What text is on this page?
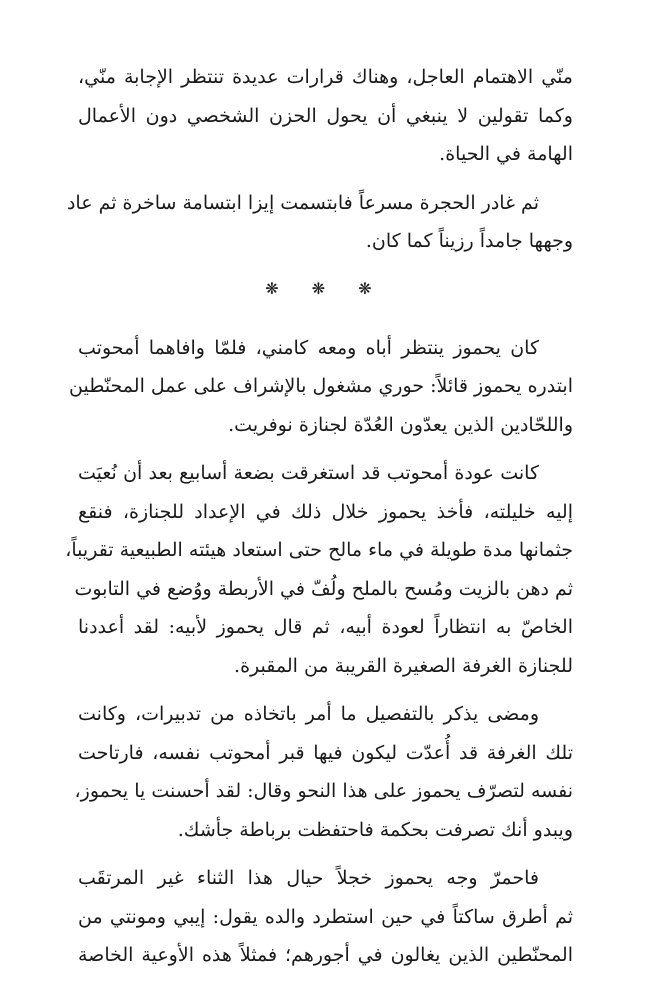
منّي الاهتمام العاجل، وهناك قرارات عديدة تنتظر الإجابة منّي،
وكما تقولين لا ينبغي أن يحول الحزن الشخصي دون الأعمال
الهامة في الحياة.
ثم غادر الحجرة مسرعاً فابتسمت إيزا ابتسامة ساخرة ثم عاد
وجهها جامداً رزيناً كما كان.
❋ ❋ ❋
كان يحموز ينتظر أباه ومعه كامني، فلمّا وافاهما أمحوتب
ابتدره يحموز قائلاً: حوري مشغول بالإشراف على عمل المحنّطين
واللحّادين الذين يعدّون العُدّة لجنازة نوفريت.
كانت عودة أمحوتب قد استغرقت بضعة أسابيع بعد أن نُعيَت
إليه خليلته، فأخذ يحموز خلال ذلك في الإعداد للجنازة، فنقع
جثمانها مدة طويلة في ماء مالح حتى استعاد هيئته الطبيعية تقريباً،
ثم دهن بالزيت ومُسح بالملح ولُفّ في الأربطة ووُضع في التابوت
الخاصّ به انتظاراً لعودة أبيه، ثم قال يحموز لأبيه: لقد أعددنا
للجنازة الغرفة الصغيرة القريبة من المقبرة.
ومضى يذكر بالتفصيل ما أمر باتخاذه من تدبيرات، وكانت
تلك الغرفة قد أُعدّت ليكون فيها قبر أمحوتب نفسه، فارتاحت
نفسه لتصرّف يحموز على هذا النحو وقال: لقد أحسنت يا يحموز،
ويبدو أنك تصرفت بحكمة فاحتفظت برباطة جأشك.
فاحمرّ وجه يحموز خجلاً حيال هذا الثناء غير المرتقَب
ثم أطرق ساكتاً في حين استطرد والده يقول: إيبي ومونتي من
المحنّطين الذين يغالون في أجورهم؛ فمثلاً هذه الأوعية الخاصة
